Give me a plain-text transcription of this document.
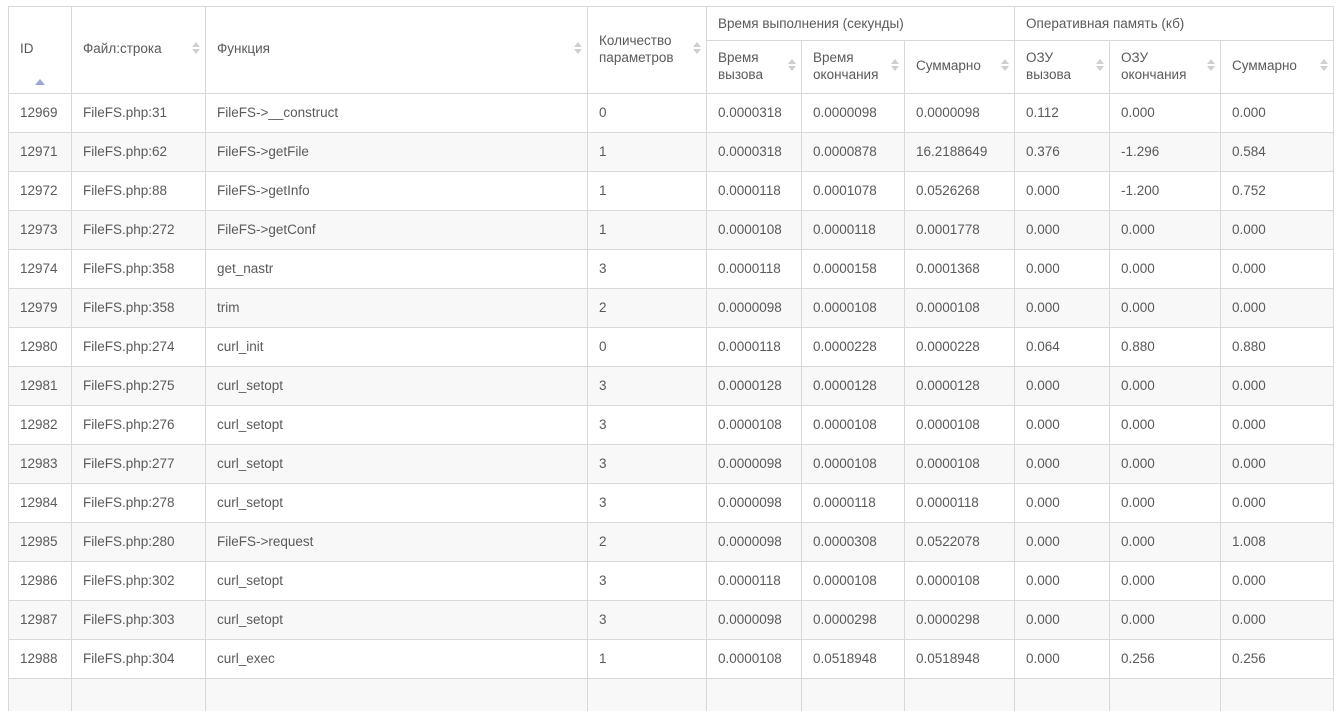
ID	Файл:строка	Функция	Количество параметров	Время выполнения (секунды)			Оперативная память (кб)		
				Время вызова	Время окончания	Суммарно	ОЗУ вызова	ОЗУ окончания	Суммарно

12969	FileFS.php:31	FileFS->__construct	0	0.0000318	0.0000098	0.0000098	0.112	0.000	0.000
12971	FileFS.php:62	FileFS->getFile	1	0.0000318	0.0000878	16.2188649	0.376	-1.296	0.584
12972	FileFS.php:88	FileFS->getInfo	1	0.0000118	0.0001078	0.0526268	0.000	-1.200	0.752
12973	FileFS.php:272	FileFS->getConf	1	0.0000108	0.0000118	0.0001778	0.000	0.000	0.000
12974	FileFS.php:358	get_nastr	3	0.0000118	0.0000158	0.0001368	0.000	0.000	0.000
12979	FileFS.php:358	trim	2	0.0000098	0.0000108	0.0000108	0.000	0.000	0.000
12980	FileFS.php:274	curl_init	0	0.0000118	0.0000228	0.0000228	0.064	0.880	0.880
12981	FileFS.php:275	curl_setopt	3	0.0000128	0.0000128	0.0000128	0.000	0.000	0.000
12982	FileFS.php:276	curl_setopt	3	0.0000108	0.0000108	0.0000108	0.000	0.000	0.000
12983	FileFS.php:277	curl_setopt	3	0.0000098	0.0000108	0.0000108	0.000	0.000	0.000
12984	FileFS.php:278	curl_setopt	3	0.0000098	0.0000118	0.0000118	0.000	0.000	0.000
12985	FileFS.php:280	FileFS->request	2	0.0000098	0.0000308	0.0522078	0.000	0.000	1.008
12986	FileFS.php:302	curl_setopt	3	0.0000118	0.0000108	0.0000108	0.000	0.000	0.000
12987	FileFS.php:303	curl_setopt	3	0.0000098	0.0000298	0.0000298	0.000	0.000	0.000
12988	FileFS.php:304	curl_exec	1	0.0000108	0.0518948	0.0518948	0.000	0.256	0.256
